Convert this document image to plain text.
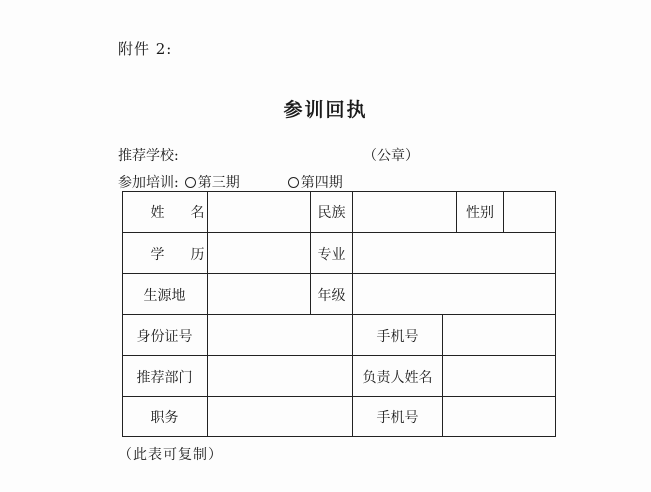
附件 2:
参训回执
推荐学校:	（公章）
参加培训: 第三期	第四期
姓名	民族	性别
学历	专业
生源地	年级
身份证号	手机号
推荐部门	负责人姓名
职务	手机号
（此表可复制）
